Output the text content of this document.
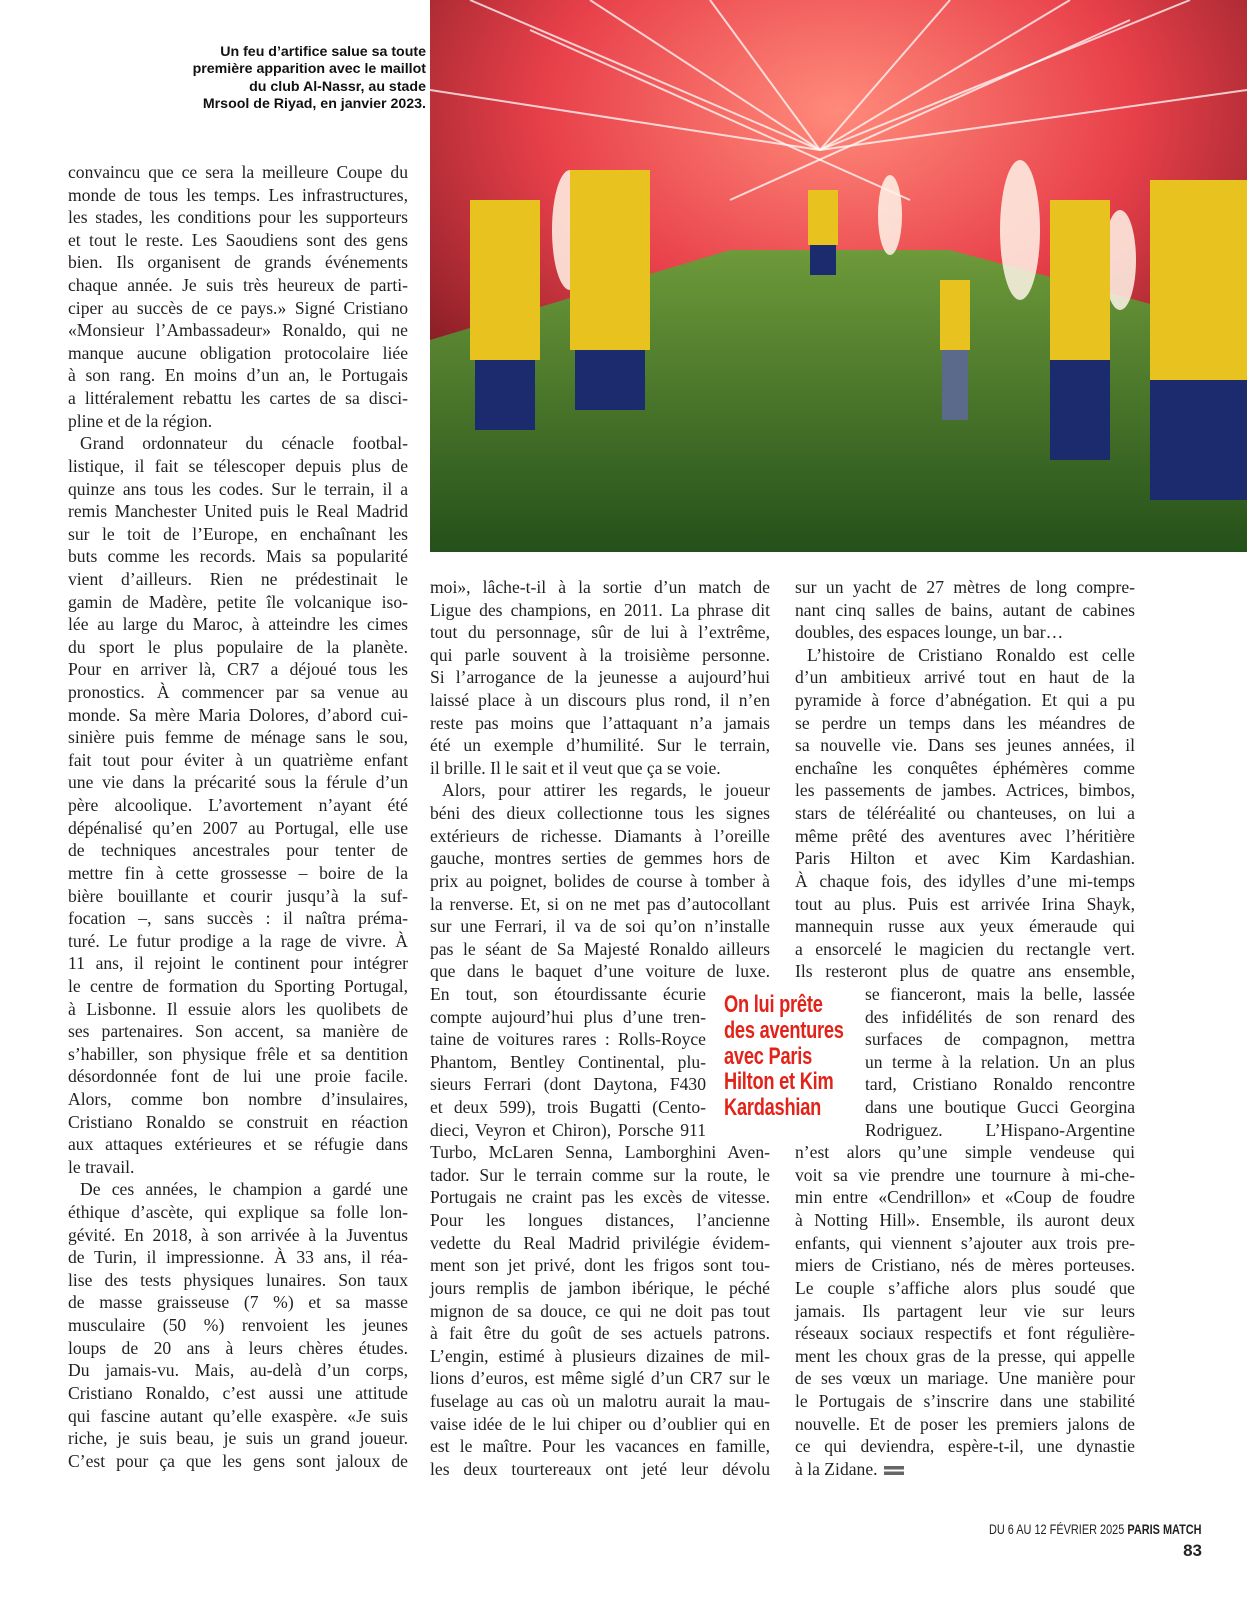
Un feu d’artifice salue sa toute
première apparition avec le maillot
du club Al-Nassr, au stade
Mrsool de Riyad, en janvier 2023.
convaincu que ce sera la meilleure Coupe du
monde de tous les temps. Les infrastructures,
les stades, les conditions pour les supporteurs
et tout le reste. Les Saoudiens sont des gens
bien. Ils organisent de grands événements
chaque année. Je suis très heureux de parti-
ciper au succès de ce pays.» Signé Cristiano
«Monsieur l’Ambassadeur» Ronaldo, qui ne
manque aucune obligation protocolaire liée
à son rang. En moins d’un an, le Portugais
a littéralement rebattu les cartes de sa disci-
pline et de la région.
Grand ordonnateur du cénacle footbal-
listique, il fait se télescoper depuis plus de
quinze ans tous les codes. Sur le terrain, il a
remis Manchester United puis le Real Madrid
sur le toit de l’Europe, en enchaînant les
buts comme les records. Mais sa popularité
vient d’ailleurs. Rien ne prédestinait le
gamin de Madère, petite île volcanique iso-
lée au large du Maroc, à atteindre les cimes
du sport le plus populaire de la planète.
Pour en arriver là, CR7 a déjoué tous les
pronostics. À commencer par sa venue au
monde. Sa mère Maria Dolores, d’abord cui-
sinière puis femme de ménage sans le sou,
fait tout pour éviter à un quatrième enfant
une vie dans la précarité sous la férule d’un
père alcoolique. L’avortement n’ayant été
dépénalisé qu’en 2007 au Portugal, elle use
de techniques ancestrales pour tenter de
mettre fin à cette grossesse – boire de la
bière bouillante et courir jusqu’à la suf-
focation –, sans succès : il naîtra préma-
turé. Le futur prodige a la rage de vivre. À
11 ans, il rejoint le continent pour intégrer
le centre de formation du Sporting Portugal,
à Lisbonne. Il essuie alors les quolibets de
ses partenaires. Son accent, sa manière de
s’habiller, son physique frêle et sa dentition
désordonnée font de lui une proie facile.
Alors, comme bon nombre d’insulaires,
Cristiano Ronaldo se construit en réaction
aux attaques extérieures et se réfugie dans
le travail.
De ces années, le champion a gardé une
éthique d’ascète, qui explique sa folle lon-
gévité. En 2018, à son arrivée à la Juventus
de Turin, il impressionne. À 33 ans, il réa-
lise des tests physiques lunaires. Son taux
de masse graisseuse (7 %) et sa masse
musculaire (50 %) renvoient les jeunes
loups de 20 ans à leurs chères études.
Du jamais-vu. Mais, au-delà d’un corps,
Cristiano Ronaldo, c’est aussi une attitude
qui fascine autant qu’elle exaspère. «Je suis
riche, je suis beau, je suis un grand joueur.
C’est pour ça que les gens sont jaloux de
moi», lâche-t-il à la sortie d’un match de
Ligue des champions, en 2011. La phrase dit
tout du personnage, sûr de lui à l’extrême,
qui parle souvent à la troisième personne.
Si l’arrogance de la jeunesse a aujourd’hui
laissé place à un discours plus rond, il n’en
reste pas moins que l’attaquant n’a jamais
été un exemple d’humilité. Sur le terrain,
il brille. Il le sait et il veut que ça se voie.
Alors, pour attirer les regards, le joueur
béni des dieux collectionne tous les signes
extérieurs de richesse. Diamants à l’oreille
gauche, montres serties de gemmes hors de
prix au poignet, bolides de course à tomber à
la renverse. Et, si on ne met pas d’autocollant
sur une Ferrari, il va de soi qu’on n’installe
pas le séant de Sa Majesté Ronaldo ailleurs
que dans le baquet d’une voiture de luxe.
En tout, son étourdissante écurie
compte aujourd’hui plus d’une tren-
taine de voitures rares : Rolls-Royce
Phantom, Bentley Continental, plu-
sieurs Ferrari (dont Daytona, F430
et deux 599), trois Bugatti (Cento-
dieci, Veyron et Chiron), Porsche 911
Turbo, McLaren Senna, Lamborghini Aven-
tador. Sur le terrain comme sur la route, le
Portugais ne craint pas les excès de vitesse.
Pour les longues distances, l’ancienne
vedette du Real Madrid privilégie évidem-
ment son jet privé, dont les frigos sont tou-
jours remplis de jambon ibérique, le péché
mignon de sa douce, ce qui ne doit pas tout
à fait être du goût de ses actuels patrons.
L’engin, estimé à plusieurs dizaines de mil-
lions d’euros, est même siglé d’un CR7 sur le
fuselage au cas où un malotru aurait la mau-
vaise idée de le lui chiper ou d’oublier qui en
est le maître. Pour les vacances en famille,
les deux tourtereaux ont jeté leur dévolu
sur un yacht de 27 mètres de long compre-
nant cinq salles de bains, autant de cabines
doubles, des espaces lounge, un bar…
L’histoire de Cristiano Ronaldo est celle
d’un ambitieux arrivé tout en haut de la
pyramide à force d’abnégation. Et qui a pu
se perdre un temps dans les méandres de
sa nouvelle vie. Dans ses jeunes années, il
enchaîne les conquêtes éphémères comme
les passements de jambes. Actrices, bimbos,
stars de téléréalité ou chanteuses, on lui a
même prêté des aventures avec l’héritière
Paris Hilton et avec Kim Kardashian.
À chaque fois, des idylles d’une mi-temps
tout au plus. Puis est arrivée Irina Shayk,
mannequin russe aux yeux émeraude qui
a ensorcelé le magicien du rectangle vert.
Ils resteront plus de quatre ans ensemble,
se fianceront, mais la belle, lassée
des infidélités de son renard des
surfaces de compagnon, mettra
un terme à la relation. Un an plus
tard, Cristiano Ronaldo rencontre
dans une boutique Gucci Georgina
Rodriguez. L’Hispano-Argentine
n’est alors qu’une simple vendeuse qui
voit sa vie prendre une tournure à mi-che-
min entre «Cendrillon» et «Coup de foudre
à Notting Hill». Ensemble, ils auront deux
enfants, qui viennent s’ajouter aux trois pre-
miers de Cristiano, nés de mères porteuses.
Le couple s’affiche alors plus soudé que
jamais. Ils partagent leur vie sur leurs
réseaux sociaux respectifs et font régulière-
ment les choux gras de la presse, qui appelle
de ses vœux un mariage. Une manière pour
le Portugais de s’inscrire dans une stabilité
nouvelle. Et de poser les premiers jalons de
ce qui deviendra, espère-t-il, une dynastie
à la Zidane.
On lui prête
des aventures
avec Paris
Hilton et Kim
Kardashian
DU 6 AU 12 FÉVRIER 2025 PARIS MATCH
83
